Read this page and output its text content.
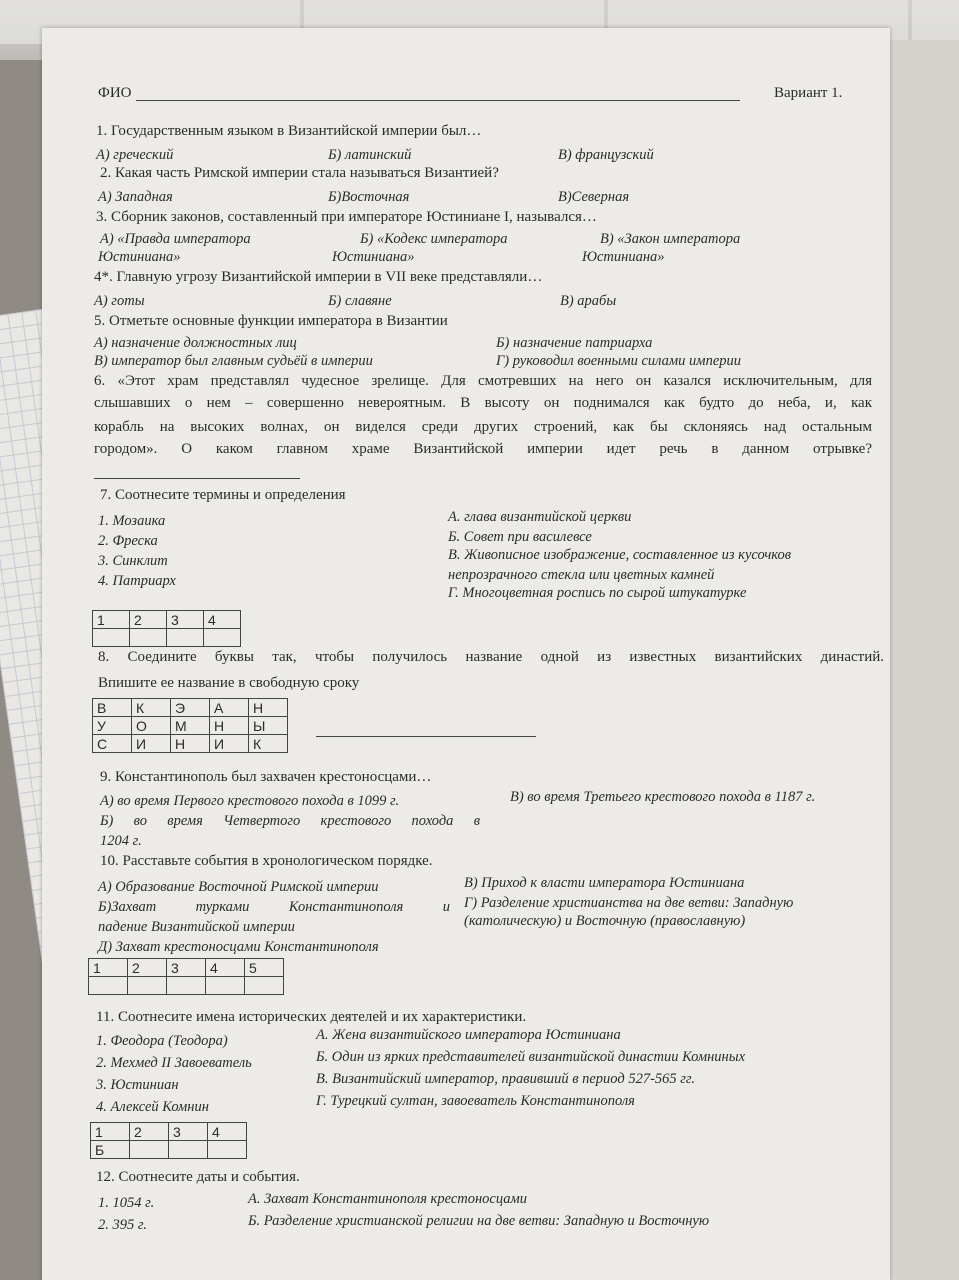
ФИО	Вариант 1.
1. Государственным языком в Византийской империи был…
А) греческий	Б) латинский	В) французский
2. Какая часть Римской империи стала называться Византией?
А) Западная	Б)Восточная	В)Северная
3. Сборник законов, составленный при императоре Юстиниане I, назывался…
А) «Правда императора
Юстиниана»
Б) «Кодекс императора
Юстиниана»
В) «Закон императора
Юстиниана»
4*. Главную угрозу Византийской империи в VII веке представляли…
А) готы	Б) славяне	В) арабы
5. Отметьте основные функции императора в Византии
А) назначение должностных лиц	Б) назначение патриарха
В) император был главным судьёй в империи	Г) руководил военными силами империи
6. «Этот храм представлял чудесное зрелище. Для смотревших на него он казался исключительным, для
слышавших о нем – совершенно невероятным. В высоту он поднимался как будто до неба, и, как
корабль на высоких волнах, он виделся среди других строений, как бы склоняясь над остальным
городом». О каком главном храме Византийской империи идет речь в данном отрывке?
7. Соотнесите термины и определения
1. Мозаика
2. Фреска
3. Синклит
4. Патриарх
А. глава византийской церкви
Б. Совет при василевсе
В. Живописное изображение, составленное из кусочков
непрозрачного стекла или цветных камней
Г. Многоцветная роспись по сырой штукатурке
1	2	3	4

8. Соедините буквы так, чтобы получилось название одной из известных византийских династий.
Впишите ее название в свободную сроку
В	К	Э	А	Н
У	О	М	Н	Ы
С	И	Н	И	К
9. Константинополь был захвачен крестоносцами…
А) во время Первого крестового похода в 1099 г.	В) во время Третьего крестового похода в 1187 г.
Б) во время Четвертого крестового похода в
1204 г.
10. Расставьте события в хронологическом порядке.
А) Образование Восточной Римской империи
Б)Захват турками Константинополя и
падение Византийской империи
В) Приход к власти императора Юстиниана
Г) Разделение христианства на две ветви: Западную
(католическую) и Восточную (православную)
Д) Захват крестоносцами Константинополя
1	2	3	4	5

11. Соотнесите имена исторических деятелей и их характеристики.
1. Феодора (Теодора)
2. Мехмед II Завоеватель
3. Юстиниан
4. Алексей Комнин
А. Жена византийского императора Юстиниана
Б. Один из ярких представителей византийской династии Комниных
В. Византийский император, правивший в период 527-565 гг.
Г. Турецкий султан, завоеватель Константинополя
1	2	3	4
Б			
12. Соотнесите даты и события.
1. 1054 г.
2. 395 г.
А. Захват Константинополя крестоносцами
Б. Разделение христианской религии на две ветви: Западную и Восточную
